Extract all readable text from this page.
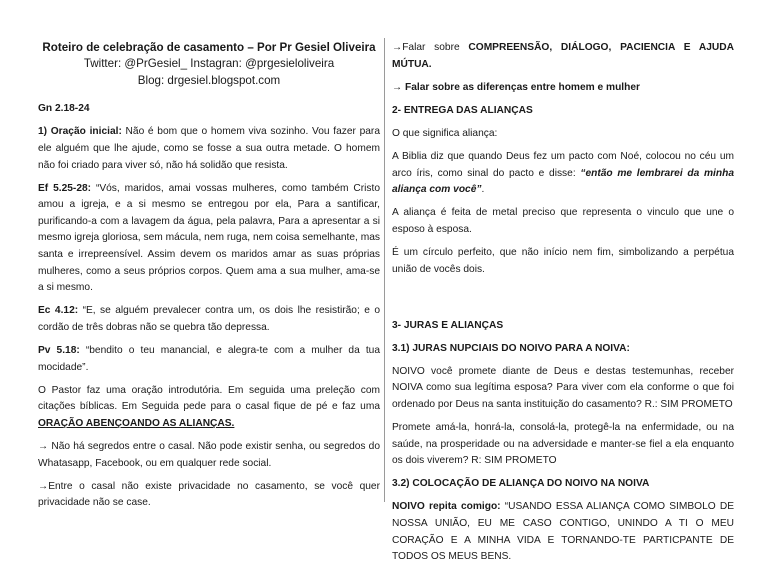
Roteiro de celebração de casamento – Por Pr Gesiel Oliveira
Twitter: @PrGesiel_ Instagran: @prgesieloliveira
Blog: drgesiel.blogspot.com

Gn 2.18-24

1) Oração inicial: Não é bom que o homem viva sozinho. Vou fazer para ele alguém que lhe ajude, como se fosse a sua outra metade. O homem não foi criado para viver só, não há solidão que resista.

Ef 5.25-28: “Vós, maridos, amai vossas mulheres, como também Cristo amou a igreja, e a si mesmo se entregou por ela, Para a santificar, purificando-a com a lavagem da água, pela palavra, Para a apresentar a si mesmo igreja gloriosa, sem mácula, nem ruga, nem coisa semelhante, mas santa e irrepreensível. Assim devem os maridos amar as suas próprias mulheres, como a seus próprios corpos. Quem ama a sua mulher, ama-se a si mesmo.

Ec 4.12: “E, se alguém prevalecer contra um, os dois lhe resistirão; e o cordão de três dobras não se quebra tão depressa.

Pv 5.18: “bendito o teu manancial, e alegra-te com a mulher da tua mocidade”.

O Pastor faz uma oração introdutória. Em seguida uma preleção com citações bíblicas. Em Seguida pede para o casal fique de pé e faz uma ORAÇÃO ABENÇOANDO AS ALIANÇAS.

→ Não há segredos entre o casal. Não pode existir senha, ou segredos do Whatasapp, Facebook, ou em qualquer rede social.

→Entre o casal não existe privacidade no casamento, se você quer privacidade não se case.

→Falar sobre COMPREENSÃO, DIÁLOGO, PACIENCIA E AJUDA MÚTUA.

→ Falar sobre as diferenças entre homem e mulher

2- ENTREGA DAS ALIANÇAS

O que significa aliança:

A Biblia diz que quando Deus fez um pacto com Noé, colocou no céu um arco íris, como sinal do pacto e disse: “então me lembrarei da minha aliança com você”.

A aliança é feita de metal preciso que representa o vinculo que une o esposo à esposa.

É um círculo perfeito, que não início nem fim, simbolizando a perpétua união de vocês dois.

3- JURAS E ALIANÇAS

3.1) JURAS NUPCIAIS DO NOIVO PARA A NOIVA:

NOIVO você promete diante de Deus e destas testemunhas, receber NOIVA como sua legítima esposa? Para viver com ela conforme o que foi ordenado por Deus na santa instituição do casamento? R.: SIM PROMETO

Promete amá-la, honrá-la, consolá-la, protegê-la na enfermidade, ou na saúde, na prosperidade ou na adversidade e manter-se fiel a ela enquanto os dois viverem? R: SIM PROMETO

3.2) COLOCAÇÃO DE ALIANÇA DO NOIVO NA NOIVA

NOIVO repita comigo: “USANDO ESSA ALIANÇA COMO SIMBOLO DE NOSSA UNIÃO, EU ME CASO CONTIGO, UNINDO A TI O MEU CORAÇÃO E A MINHA VIDA E TORNANDO-TE PARTICPANTE DE TODOS OS MEUS BENS.
